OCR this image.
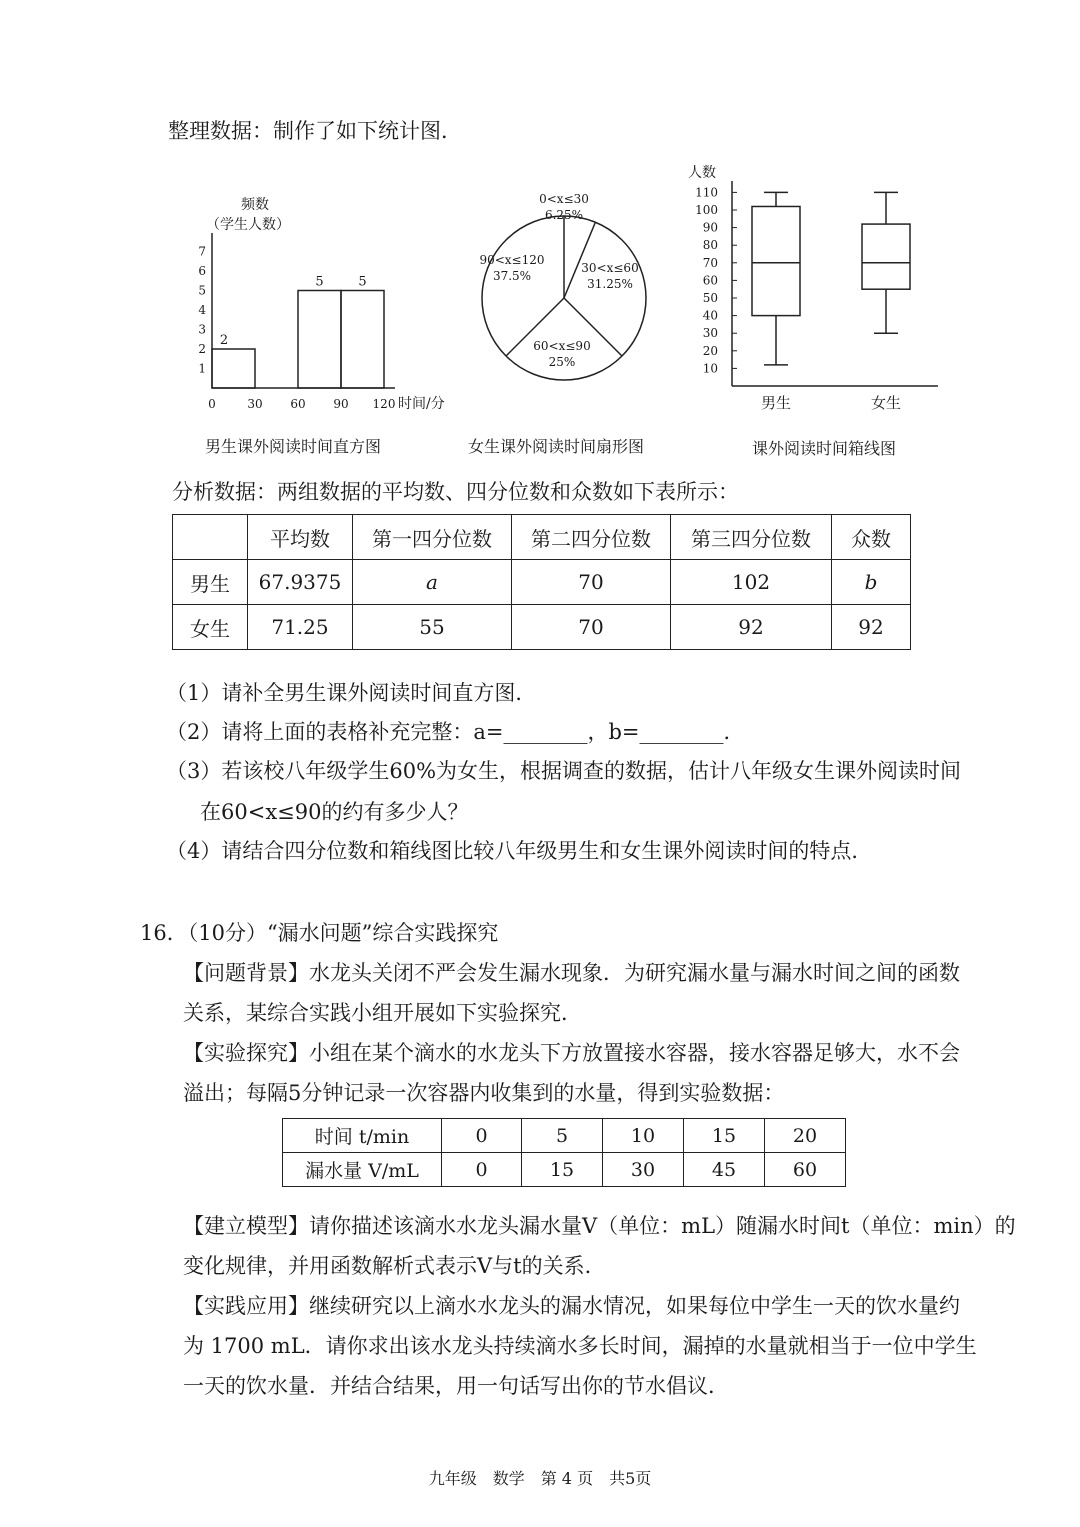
整理数据：制作了如下统计图．
频数
（学生人数）
1
2
3
4
5
6
7
0	30 60 90 120 时间/分
2
5	5
男生课外阅读时间直方图
0<x≤30
6.25%
30<x≤60
31.25%
60<x≤90
25%
90<x≤120
37.5%
女生课外阅读时间扇形图
人数
10
20
30
40
50
60
70
80
90
100
110
男生	女生
课外阅读时间箱线图
分析数据：两组数据的平均数、四分位数和众数如下表所示：
	平均数	第一四分位数	第二四分位数	第三四分位数	众数
男生	67.9375	a	70	102	b
女生	71.25	55	70	92	92
（1）请补全男生课外阅读时间直方图．
（2）请将上面的表格补充完整：a=________，b=________．
（3）若该校八年级学生60%为女生，根据调查的数据，估计八年级女生课外阅读时间
在60<x≤90的约有多少人？
（4）请结合四分位数和箱线图比较八年级男生和女生课外阅读时间的特点．
16．（10分）“漏水问题”综合实践探究
【问题背景】水龙头关闭不严会发生漏水现象．为研究漏水量与漏水时间之间的函数
关系，某综合实践小组开展如下实验探究．
【实验探究】小组在某个滴水的水龙头下方放置接水容器，接水容器足够大，水不会
溢出；每隔5分钟记录一次容器内收集到的水量，得到实验数据：
时间 t/min	0	5	10	15	20
漏水量 V/mL	0	15	30	45	60
【建立模型】请你描述该滴水水龙头漏水量V（单位：mL）随漏水时间t（单位：min）的
变化规律，并用函数解析式表示V与t的关系．
【实践应用】继续研究以上滴水水龙头的漏水情况，如果每位中学生一天的饮水量约
为 1700 mL．请你求出该水龙头持续滴水多长时间，漏掉的水量就相当于一位中学生
一天的饮水量．并结合结果，用一句话写出你的节水倡议．
九年级　数学　第 4 页　共5页
